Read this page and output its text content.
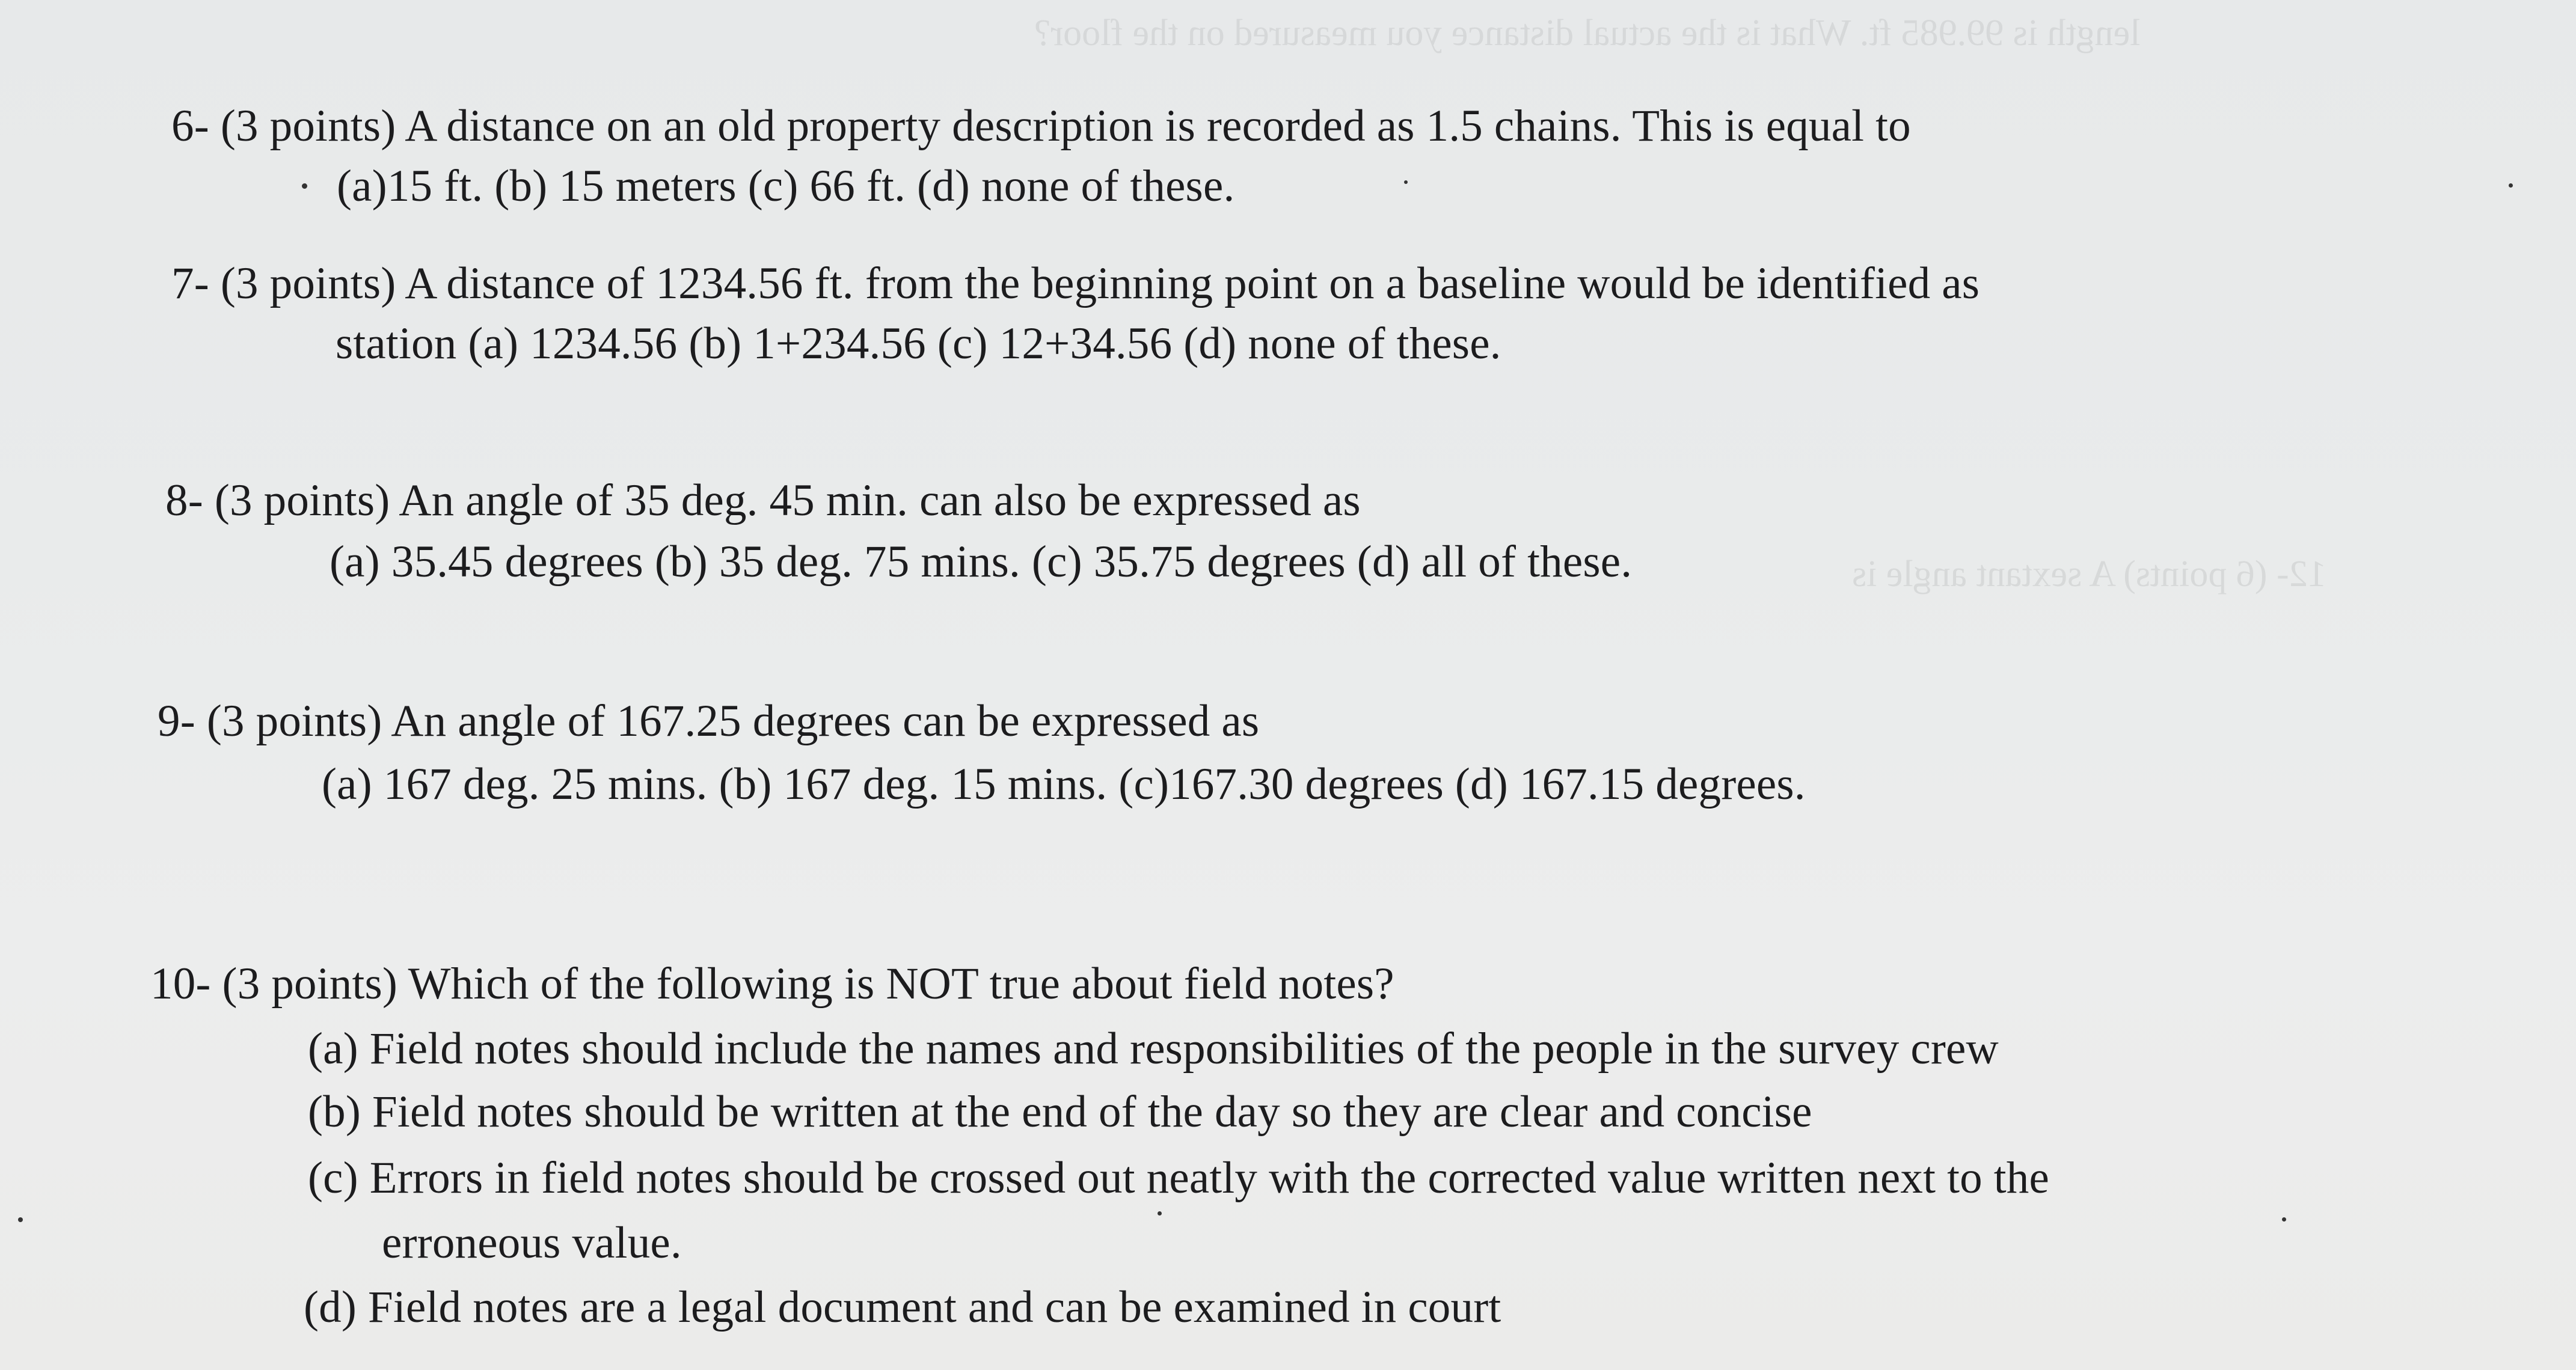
length is 99.985 ft. What is the actual distance you measured on the floor?
12- (6 points) A sextant angle is
6- (3 points) A distance on an old property description is recorded as 1.5 chains. This is equal to
(a)15 ft. (b) 15 meters (c) 66 ft. (d) none of these.
7- (3 points) A distance of 1234.56 ft. from the beginning point on a baseline would be identified as
station (a) 1234.56 (b) 1+234.56 (c) 12+34.56 (d) none of these.
8- (3 points) An angle of 35 deg. 45 min. can also be expressed as
(a) 35.45 degrees (b) 35 deg. 75 mins. (c) 35.75 degrees (d) all of these.
9- (3 points) An angle of 167.25 degrees can be expressed as
(a) 167 deg. 25 mins. (b) 167 deg. 15 mins. (c)167.30 degrees (d) 167.15 degrees.
10- (3 points) Which of the following is NOT true about field notes?
(a) Field notes should include the names and responsibilities of the people in the survey crew
(b) Field notes should be written at the end of the day so they are clear and concise
(c) Errors in field notes should be crossed out neatly with the corrected value written next to the
erroneous value.
(d) Field notes are a legal document and can be examined in court
